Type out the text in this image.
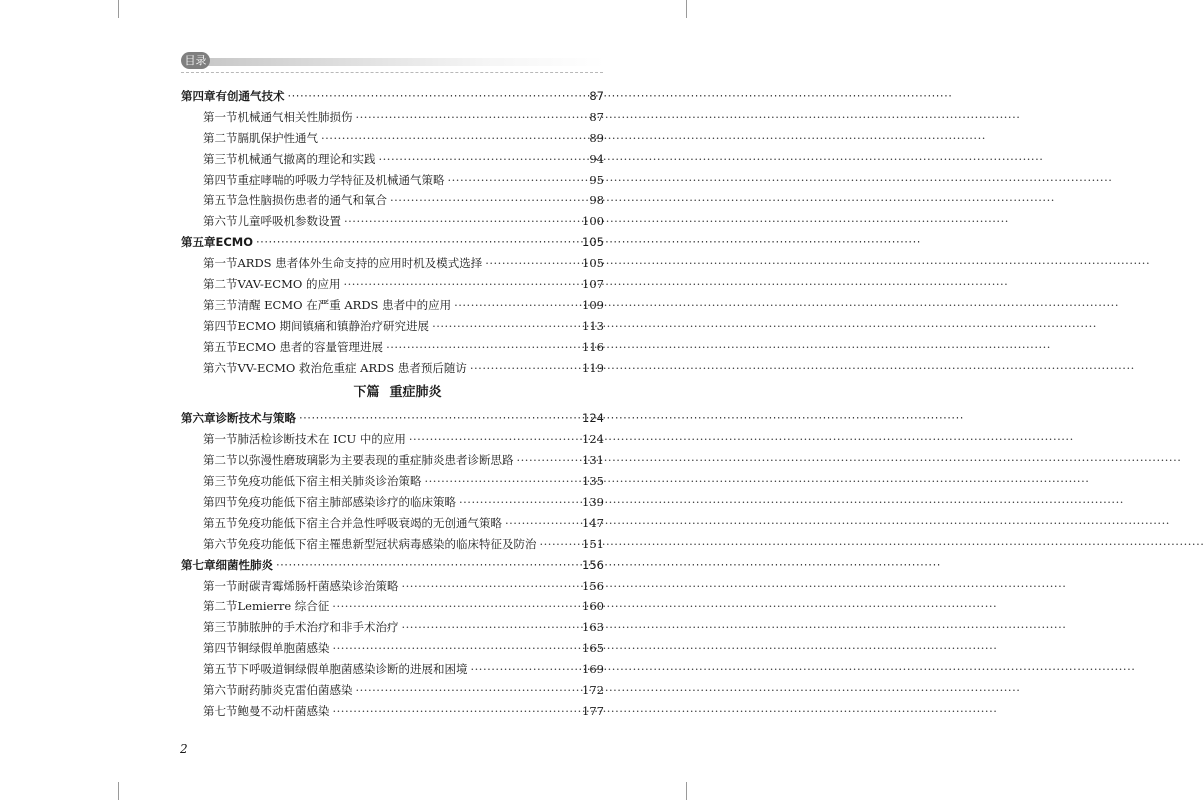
目录
第四章 有创通气技术 ·····	87
第一节 机械通气相关性肺损伤 ·····	87
第二节 膈肌保护性通气 ·····	89
第三节 机械通气撤离的理论和实践 ·····	94
第四节 重症哮喘的呼吸力学特征及机械通气策略 ·····	95
第五节 急性脑损伤患者的通气和氧合 ·····	98
第六节 儿童呼吸机参数设置 ·····	100
第五章 ECMO ·····	105
第一节 ARDS 患者体外生命支持的应用时机及模式选择 ·····	105
第二节 VAV-ECMO 的应用 ·····	107
第三节 清醒 ECMO 在严重 ARDS 患者中的应用 ·····	109
第四节 ECMO 期间镇痛和镇静治疗研究进展 ·····	113
第五节 ECMO 患者的容量管理进展 ·····	116
第六节 VV-ECMO 救治危重症 ARDS 患者预后随访 ·····	119
下篇 重症肺炎
第六章 诊断技术与策略 ·····	124
第一节 肺活检诊断技术在 ICU 中的应用 ·····	124
第二节 以弥漫性磨玻璃影为主要表现的重症肺炎患者诊断思路 ·····	131
第三节 免疫功能低下宿主相关肺炎诊治策略 ·····	135
第四节 免疫功能低下宿主肺部感染诊疗的临床策略 ·····	139
第五节 免疫功能低下宿主合并急性呼吸衰竭的无创通气策略 ·····	147
第六节 免疫功能低下宿主罹患新型冠状病毒感染的临床特征及防治 ·····	151
第七章 细菌性肺炎 ·····	156
第一节 耐碳青霉烯肠杆菌感染诊治策略 ·····	156
第二节 Lemierre 综合征 ·····	160
第三节 肺脓肿的手术治疗和非手术治疗 ·····	163
第四节 铜绿假单胞菌感染 ·····	165
第五节 下呼吸道铜绿假单胞菌感染诊断的进展和困境 ·····	169
第六节 耐药肺炎克雷伯菌感染 ·····	172
第七节 鲍曼不动杆菌感染 ·····	177
2
